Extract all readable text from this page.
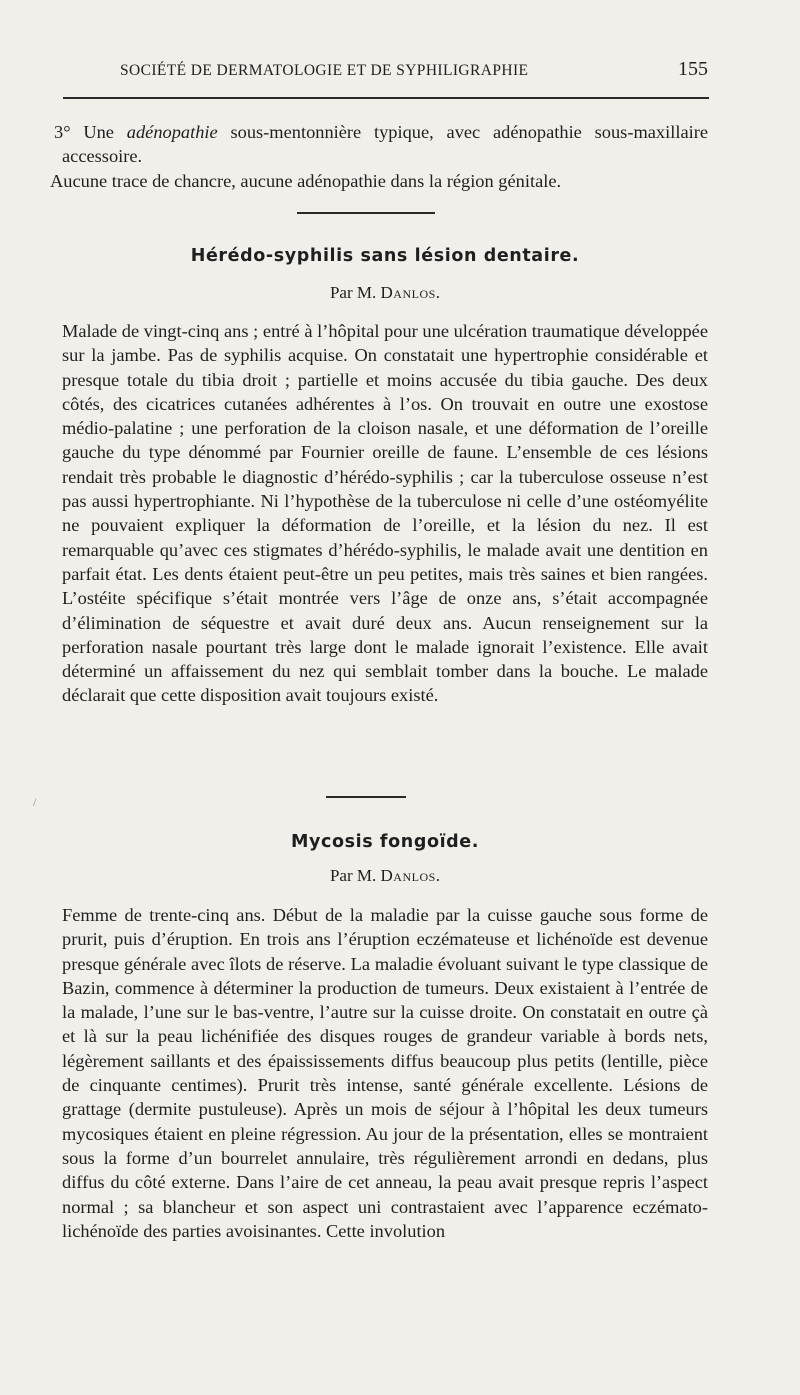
SOCIÉTÉ DE DERMATOLOGIE ET DE SYPHILIGRAPHIE	155

3° Une adénopathie sous-mentonnière typique, avec adénopathie sous-maxillaire accessoire.

Aucune trace de chancre, aucune adénopathie dans la région génitale.

Hérédo-syphilis sans lésion dentaire.
Par M. Danlos.

Malade de vingt-cinq ans ; entré à l’hôpital pour une ulcération traumatique développée sur la jambe. Pas de syphilis acquise. On constatait une hypertrophie considérable et presque totale du tibia droit ; partielle et moins accusée du tibia gauche. Des deux côtés, des cicatrices cutanées adhérentes à l’os. On trouvait en outre une exostose médio-palatine ; une perforation de la cloison nasale, et une déformation de l’oreille gauche du type dénommé par Fournier oreille de faune. L’ensemble de ces lésions rendait très probable le diagnostic d’hérédo-syphilis ; car la tuberculose osseuse n’est pas aussi hypertrophiante. Ni l’hypothèse de la tuberculose ni celle d’une ostéomyélite ne pouvaient expliquer la déformation de l’oreille, et la lésion du nez. Il est remarquable qu’avec ces stigmates d’hérédo-syphilis, le malade avait une dentition en parfait état. Les dents étaient peut-être un peu petites, mais très saines et bien rangées. L’ostéite spécifique s’était montrée vers l’âge de onze ans, s’était accompagnée d’élimination de séquestre et avait duré deux ans. Aucun renseignement sur la perforation nasale pourtant très large dont le malade ignorait l’existence. Elle avait déterminé un affaissement du nez qui semblait tomber dans la bouche. Le malade déclarait que cette disposition avait toujours existé.

/
Mycosis fongoïde.
Par M. Danlos.

Femme de trente-cinq ans. Début de la maladie par la cuisse gauche sous forme de prurit, puis d’éruption. En trois ans l’éruption eczémateuse et lichénoïde est devenue presque générale avec îlots de réserve. La maladie évoluant suivant le type classique de Bazin, commence à déterminer la production de tumeurs. Deux existaient à l’entrée de la malade, l’une sur le bas-ventre, l’autre sur la cuisse droite. On constatait en outre çà et là sur la peau lichénifiée des disques rouges de grandeur variable à bords nets, légèrement saillants et des épaississements diffus beaucoup plus petits (lentille, pièce de cinquante centimes). Prurit très intense, santé générale excellente. Lésions de grattage (dermite pustuleuse). Après un mois de séjour à l’hôpital les deux tumeurs mycosiques étaient en pleine régression. Au jour de la présentation, elles se montraient sous la forme d’un bourrelet annulaire, très régulièrement arrondi en dedans, plus diffus du côté externe. Dans l’aire de cet anneau, la peau avait presque repris l’aspect normal ; sa blancheur et son aspect uni contrastaient avec l’apparence eczémato-lichénoïde des parties avoisinantes. Cette involution
